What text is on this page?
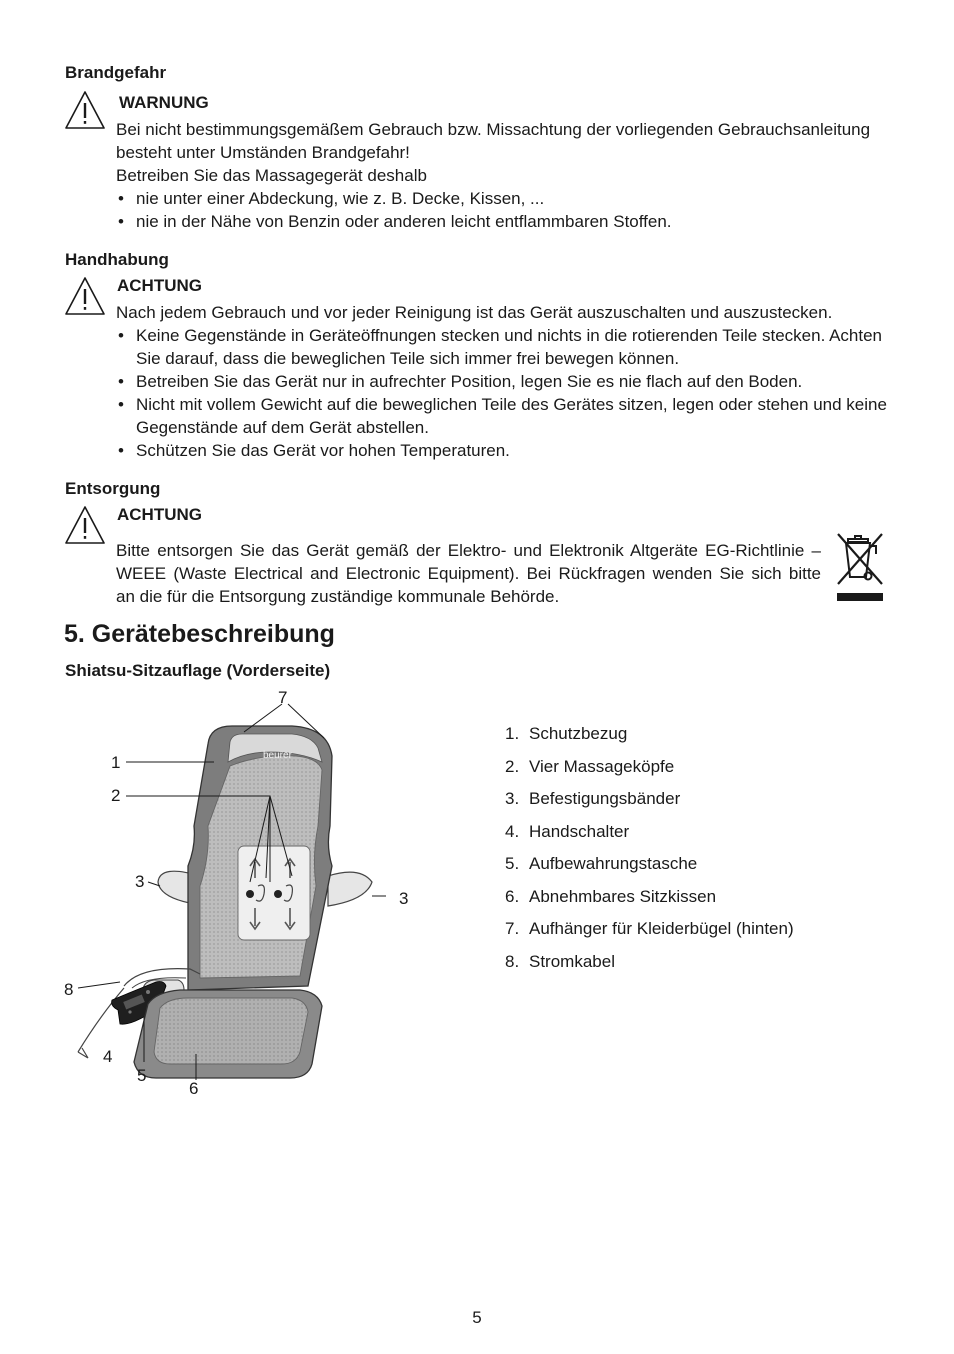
Brandgefahr
WARNUNG
Bei nicht bestimmungsgemäßem Gebrauch bzw. Missachtung der vorliegenden Gebrauchsanleitung
besteht unter Umständen Brandgefahr!
Betreiben Sie das Massagegerät deshalb
• nie unter einer Abdeckung, wie z. B. Decke, Kissen, ...
• nie in der Nähe von Benzin oder anderen leicht entflammbaren Stoffen.
Handhabung
ACHTUNG
Nach jedem Gebrauch und vor jeder Reinigung ist das Gerät auszuschalten und auszustecken.
• Keine Gegenstände in Geräteöffnungen stecken und nichts in die rotierenden Teile stecken. Achten
Sie darauf, dass die beweglichen Teile sich immer frei bewegen können.
• Betreiben Sie das Gerät nur in aufrechter Position, legen Sie es nie flach auf den Boden.
• Nicht mit vollem Gewicht auf die beweglichen Teile des Gerätes sitzen, legen oder stehen und keine
Gegenstände auf dem Gerät abstellen.
• Schützen Sie das Gerät vor hohen Temperaturen.
Entsorgung
ACHTUNG
Bitte entsorgen Sie das Gerät gemäß der Elektro- und Elektronik Altgeräte EG-Richtlinie –
WEEE (Waste Electrical and Electronic Equipment). Bei Rückfragen wenden Sie sich bitte
an die für die Entsorgung zuständige kommunale Behörde.
5. Gerätebeschreibung
Shiatsu-Sitzauflage (Vorderseite)
beurer
7
1
2
3
3
8
4
5
6
1. Schutzbezug
2. Vier Massageköpfe
3. Befestigungsbänder
4. Handschalter
5. Aufbewahrungstasche
6. Abnehmbares Sitzkissen
7. Aufhänger für Kleiderbügel (hinten)
8. Stromkabel
5
